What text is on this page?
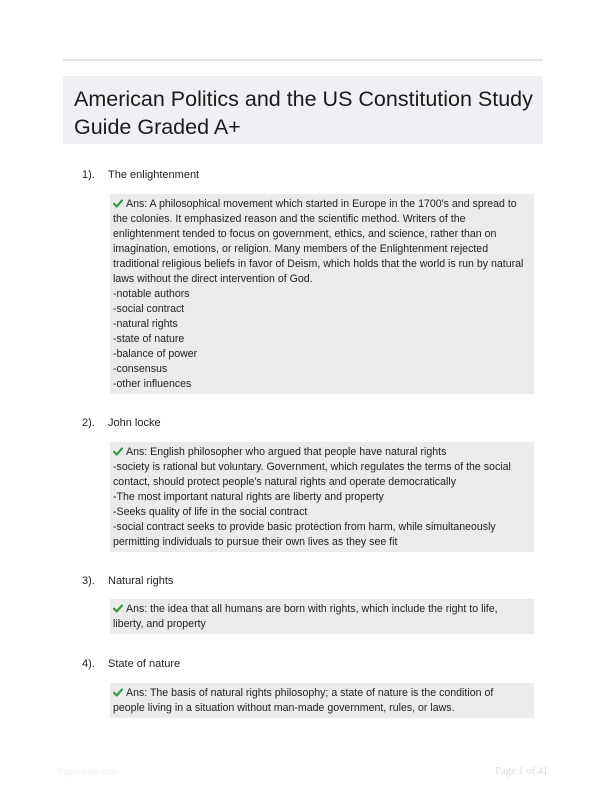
American Politics and the US Constitution Study
Guide Graded A+
1).	The enlightenment
Ans: A philosophical movement which started in Europe in the 1700's and spread to
the colonies. It emphasized reason and the scientific method. Writers of the
enlightenment tended to focus on government, ethics, and science, rather than on
imagination, emotions, or religion. Many members of the Enlightenment rejected
traditional religious beliefs in favor of Deism, which holds that the world is run by natural
laws without the direct intervention of God.
-notable authors
-social contract
-natural rights
-state of nature
-balance of power
-consensus
-other influences
2).	John locke
Ans: English philosopher who argued that people have natural rights
-society is rational but voluntary. Government, which regulates the terms of the social
contact, should protect people's natural rights and operate democratically
-The most important natural rights are liberty and property
-Seeks quality of life in the social contract
-social contract seeks to provide basic protection from harm, while simultaneously
permitting individuals to pursue their own lives as they see fit
3).	Natural rights
Ans: the idea that all humans are born with rights, which include the right to life,
liberty, and property
4).	State of nature
Ans: The basis of natural rights philosophy; a state of nature is the condition of
people living in a situation without man-made government, rules, or laws.
Paperwibe.com	Page 1 of 41
